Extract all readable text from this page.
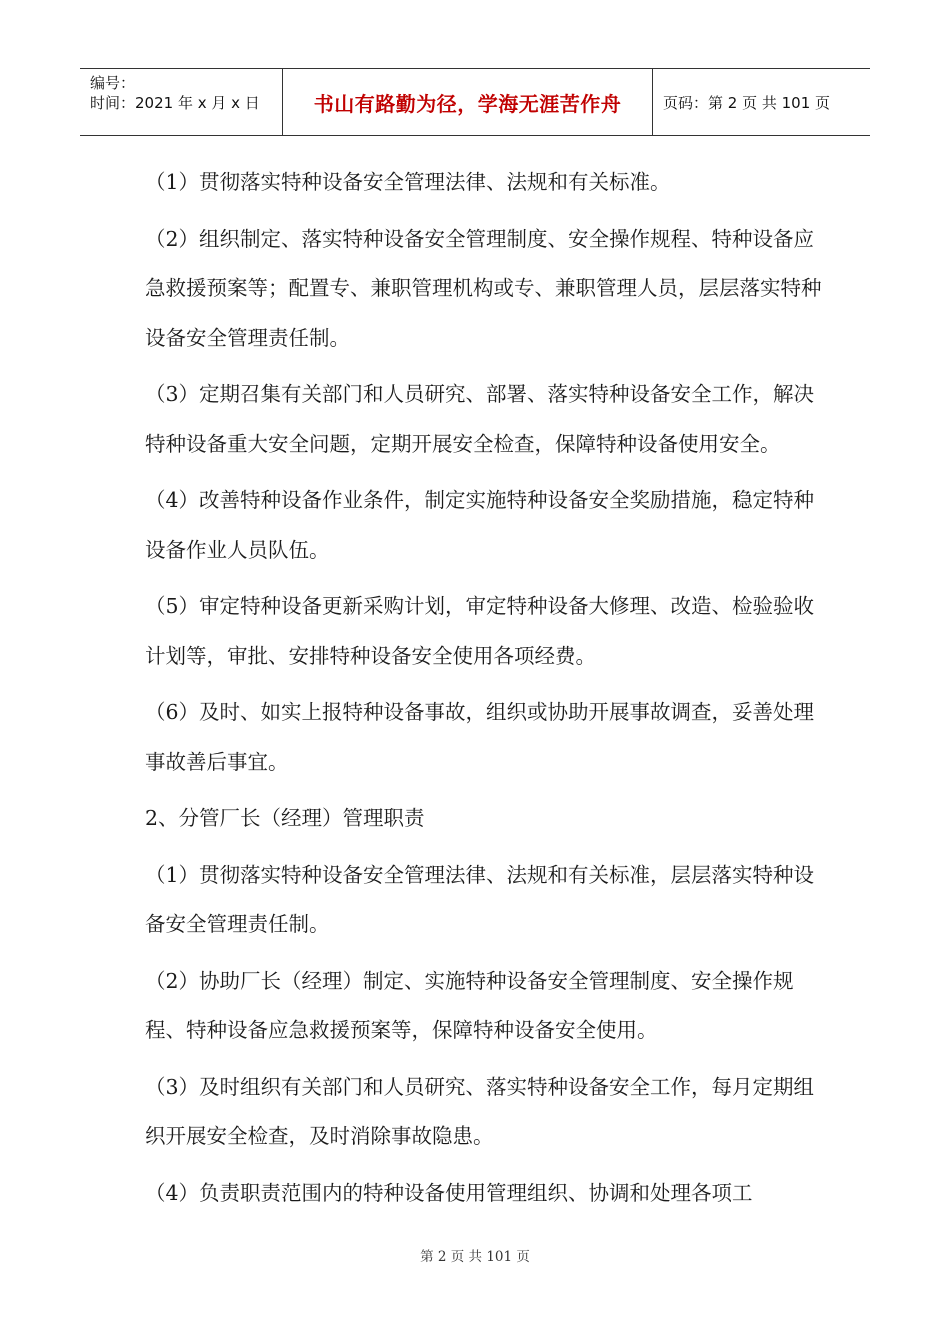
编号：
时间：2021 年 x 月 x 日	书山有路勤为径，学海无涯苦作舟	页码：第 2 页 共 101 页

（1）贯彻落实特种设备安全管理法律、法规和有关标准。

（2）组织制定、落实特种设备安全管理制度、安全操作规程、特种设备应急救援预案等；配置专、兼职管理机构或专、兼职管理人员，层层落实特种设备安全管理责任制。

（3）定期召集有关部门和人员研究、部署、落实特种设备安全工作，解决特种设备重大安全问题，定期开展安全检查，保障特种设备使用安全。

（4）改善特种设备作业条件，制定实施特种设备安全奖励措施，稳定特种设备作业人员队伍。

（5）审定特种设备更新采购计划，审定特种设备大修理、改造、检验验收计划等，审批、安排特种设备安全使用各项经费。

（6）及时、如实上报特种设备事故，组织或协助开展事故调查，妥善处理事故善后事宜。

2、分管厂长（经理）管理职责

（1）贯彻落实特种设备安全管理法律、法规和有关标准，层层落实特种设备安全管理责任制。

（2）协助厂长（经理）制定、实施特种设备安全管理制度、安全操作规程、特种设备应急救援预案等，保障特种设备安全使用。

（3）及时组织有关部门和人员研究、落实特种设备安全工作，每月定期组织开展安全检查，及时消除事故隐患。

（4）负责职责范围内的特种设备使用管理组织、协调和处理各项工

第 2 页 共 101 页
